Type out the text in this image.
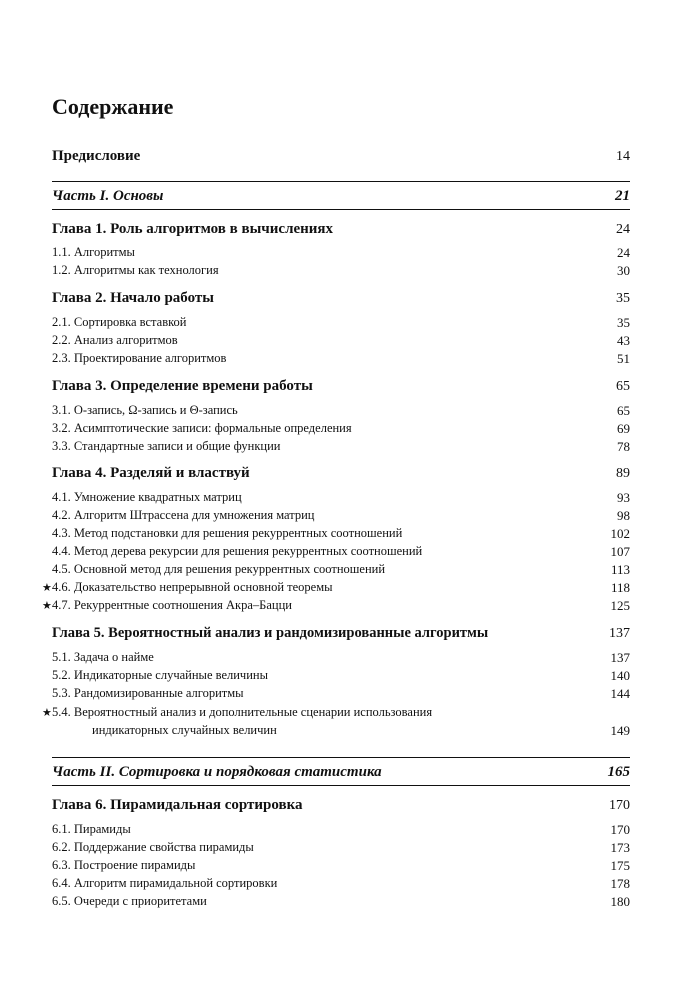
Содержание
Предисловие	14
Часть I. Основы	21
Глава 1. Роль алгоритмов в вычислениях	24
1.1. Алгоритмы	24
1.2. Алгоритмы как технология	30
Глава 2. Начало работы	35
2.1. Сортировка вставкой	35
2.2. Анализ алгоритмов	43
2.3. Проектирование алгоритмов	51
Глава 3. Определение времени работы	65
3.1. O-запись, Ω-запись и Θ-запись	65
3.2. Асимптотические записи: формальные определения	69
3.3. Стандартные записи и общие функции	78
Глава 4. Разделяй и властвуй	89
4.1. Умножение квадратных матриц	93
4.2. Алгоритм Штрассена для умножения матриц	98
4.3. Метод подстановки для решения рекуррентных соотношений	102
4.4. Метод дерева рекурсии для решения рекуррентных соотношений	107
4.5. Основной метод для решения рекуррентных соотношений	113
★ 4.6. Доказательство непрерывной основной теоремы	118
★ 4.7. Рекуррентные соотношения Акра–Бацци	125
Глава 5. Вероятностный анализ и рандомизированные алгоритмы	137
5.1. Задача о найме	137
5.2. Индикаторные случайные величины	140
5.3. Рандомизированные алгоритмы	144
★ 5.4. Вероятностный анализ и дополнительные сценарии использования
индикаторных случайных величин	149
Часть II. Сортировка и порядковая статистика	165
Глава 6. Пирамидальная сортировка	170
6.1. Пирамиды	170
6.2. Поддержание свойства пирамиды	173
6.3. Построение пирамиды	175
6.4. Алгоритм пирамидальной сортировки	178
6.5. Очереди с приоритетами	180
